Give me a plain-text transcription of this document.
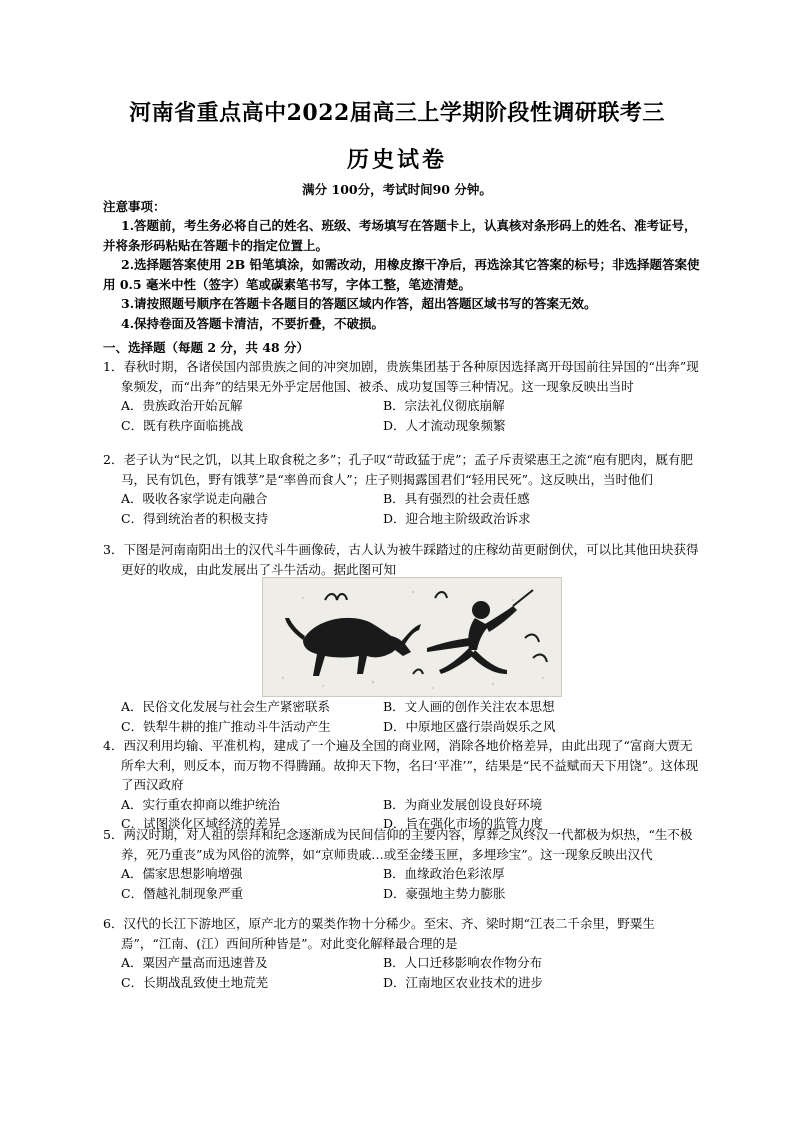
河南省重点高中2022届高三上学期阶段性调研联考三
历史试卷
满分 100分，考试时间90 分钟。
注意事项：

1.答题前，考生务必将自己的姓名、班级、考场填写在答题卡上，认真核对条形码上的姓名、准考证号，并将条形码粘贴在答题卡的指定位置上。

2.选择题答案使用 2B 铅笔填涂，如需改动，用橡皮擦干净后，再选涂其它答案的标号；非选择题答案使用 0.5 毫米中性（签字）笔或碳素笔书写，字体工整，笔迹清楚。

3.请按照题号顺序在答题卡各题目的答题区域内作答，超出答题区域书写的答案无效。

4.保持卷面及答题卡清洁，不要折叠，不破损。

一、选择题（每题 2 分，共 48 分）

1．春秋时期，各诸侯国内部贵族之间的冲突加剧，贵族集团基于各种原因选择离开母国前往异国的“出奔”现象频发，而“出奔”的结果无外乎定居他国、被杀、成功复国等三种情况。这一现象反映出当时

A．贵族政治开始瓦解	B．宗法礼仪彻底崩解
C．既有秩序面临挑战	D．人才流动现象频繁

2．老子认为“民之饥，以其上取食税之多”；孔子叹“苛政猛于虎”；孟子斥责梁惠王之流“庖有肥肉，厩有肥马，民有饥色，野有饿莩”是“率兽而食人”；庄子则揭露国君们“轻用民死”。这反映出，当时他们

A．吸收各家学说走向融合	B．具有强烈的社会责任感
C．得到统治者的积极支持	D．迎合地主阶级政治诉求

3．下图是河南南阳出土的汉代斗牛画像砖，古人认为被牛踩踏过的庄稼幼苗更耐倒伏，可以比其他田块获得更好的收成，由此发展出了斗牛活动。据此图可知

A．民俗文化发展与社会生产紧密联系	B．文人画的创作关注农本思想
C．铁犁牛耕的推广推动斗牛活动产生	D．中原地区盛行崇尚娱乐之风

4．西汉利用均输、平准机构，建成了一个遍及全国的商业网，消除各地价格差异，由此出现了“富商大贾无所牟大利，则反本，而万物不得腾踊。故抑天下物，名曰‘平准’”，结果是“民不益赋而天下用饶”。这体现了西汉政府

A．实行重农抑商以维护统治	B．为商业发展创设良好环境
C．试图淡化区域经济的差异	D．旨在强化市场的监管力度

5．两汉时期，对人祖的崇拜和纪念逐渐成为民间信仰的主要内容，厚葬之风终汉一代都极为炽热，“生不极养，死乃重丧”成为风俗的流弊，如“京师贵戚…或至金缕玉匣，多埋珍宝”。这一现象反映出汉代

A．儒家思想影响增强	B．血缘政治色彩浓厚
C．僭越礼制现象严重	D．豪强地主势力膨胀

6．汉代的长江下游地区，原产北方的粟类作物十分稀少。至宋、齐、梁时期“江表二千余里，野粟生焉”，“江南、(江）西间所种皆是”。对此变化解释最合理的是

A．粟因产量高而迅速普及	B．人口迁移影响农作物分布
C．长期战乱致使土地荒芜	D．江南地区农业技术的进步
